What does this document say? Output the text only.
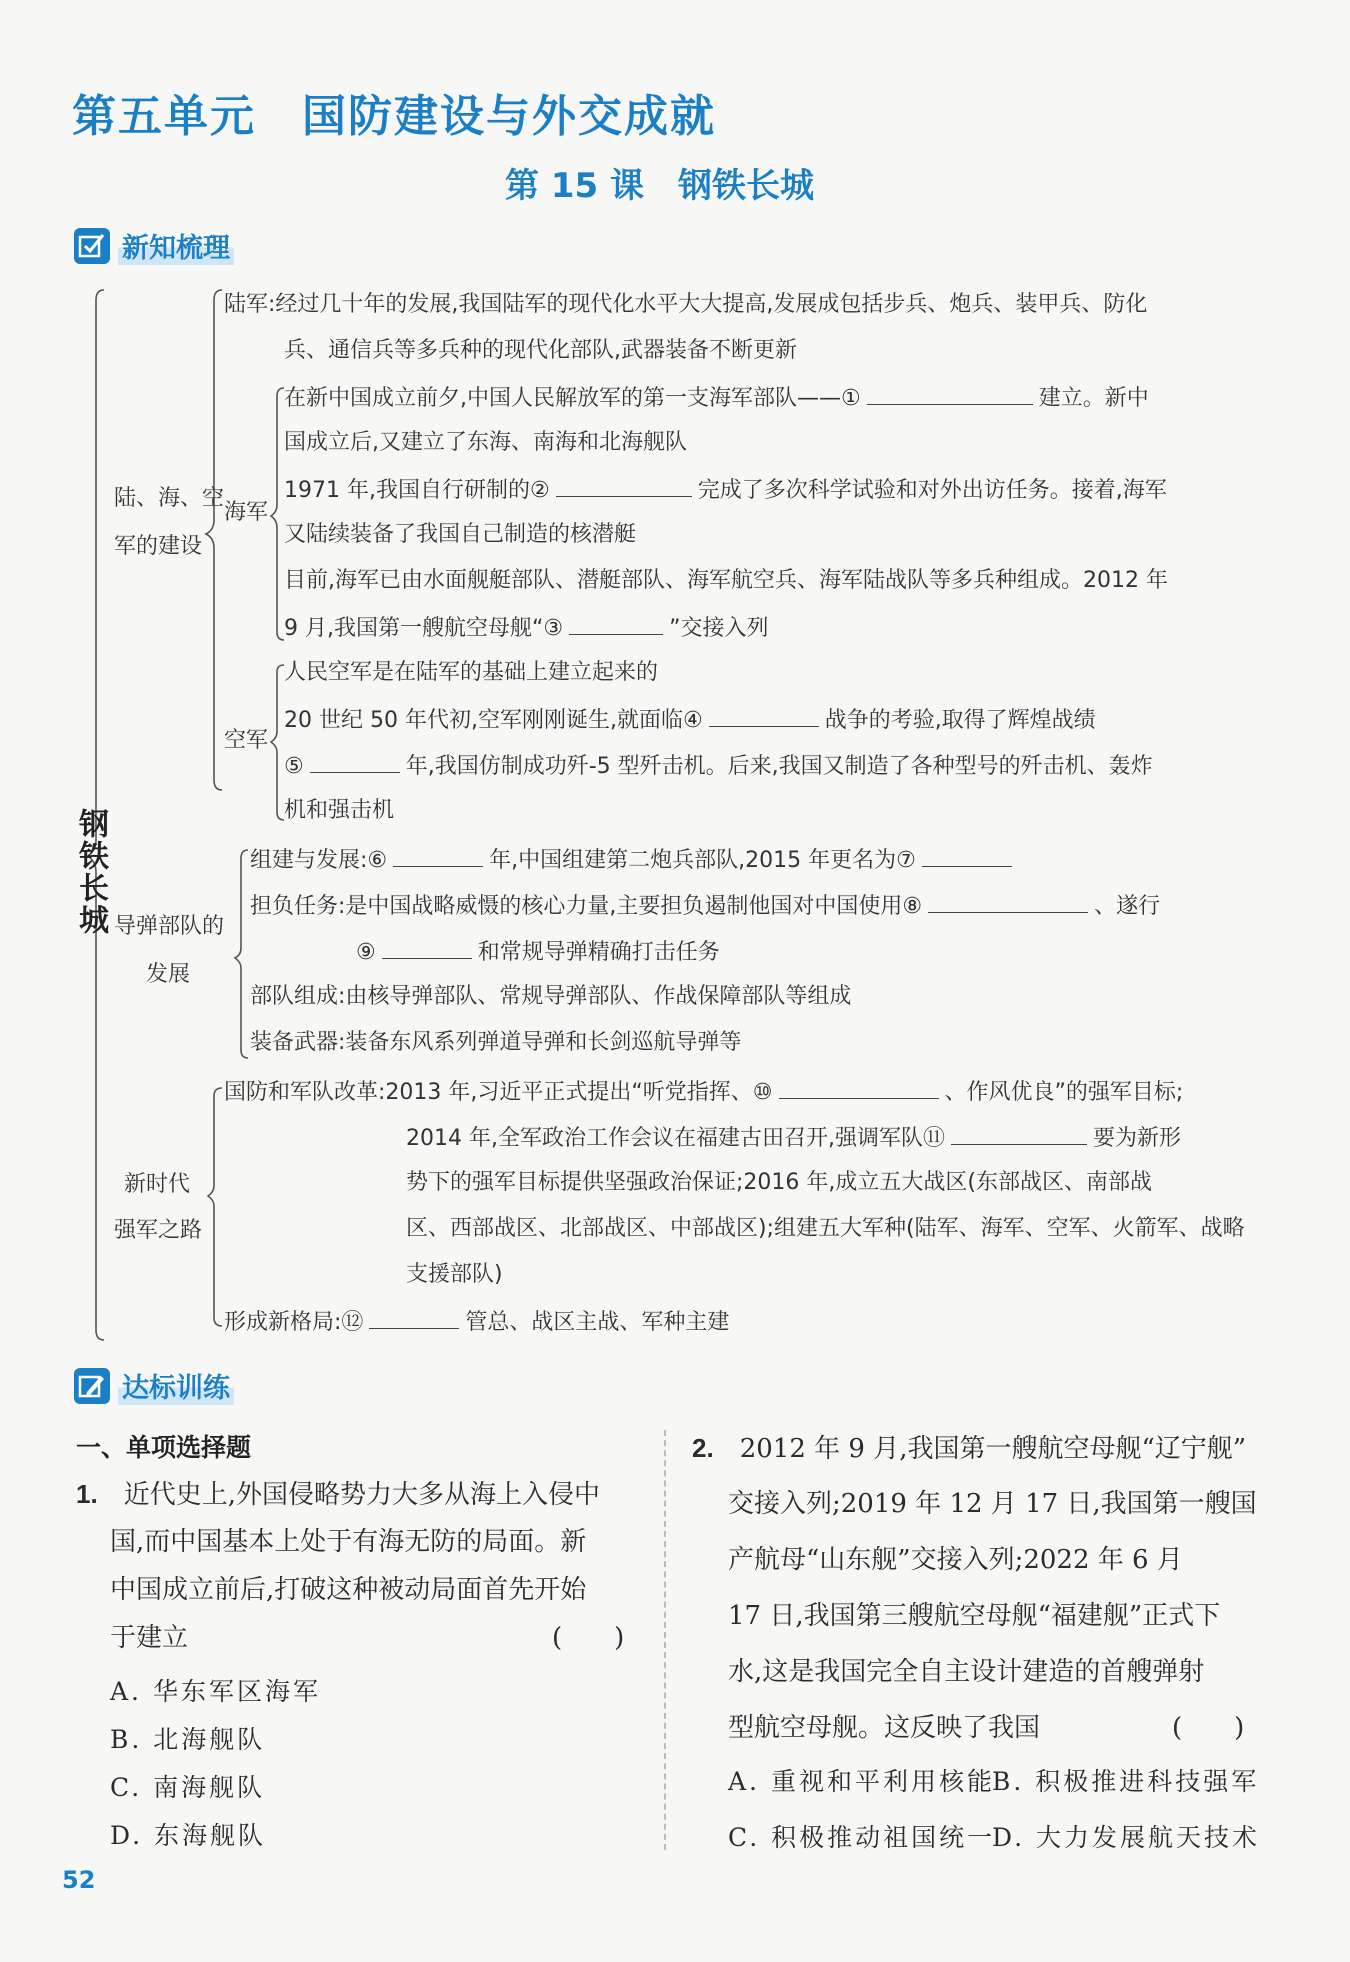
第五单元　国防建设与外交成就
第 15 课　钢铁长城
新知梳理
钢铁长城
陆、海、空
军的建设
导弹部队的
发展
新时代
强军之路
陆军:经过几十年的发展,我国陆军的现代化水平大大提高,发展成包括步兵、炮兵、装甲兵、防化
兵、通信兵等多兵种的现代化部队,武器装备不断更新
海军
在新中国成立前夕,中国人民解放军的第一支海军部队——①	建立。新中
国成立后,又建立了东海、南海和北海舰队
1971 年,我国自行研制的②	完成了多次科学试验和对外出访任务。接着,海军
又陆续装备了我国自己制造的核潜艇
目前,海军已由水面舰艇部队、潜艇部队、海军航空兵、海军陆战队等多兵种组成。2012 年
9 月,我国第一艘航空母舰“③	”交接入列
空军
人民空军是在陆军的基础上建立起来的
20 世纪 50 年代初,空军刚刚诞生,就面临④	战争的考验,取得了辉煌战绩
⑤	年,我国仿制成功歼-5 型歼击机。后来,我国又制造了各种型号的歼击机、轰炸
机和强击机
组建与发展:⑥	年,中国组建第二炮兵部队,2015 年更名为⑦
担负任务:是中国战略威慑的核心力量,主要担负遏制他国对中国使用⑧	、遂行
⑨	和常规导弹精确打击任务
部队组成:由核导弹部队、常规导弹部队、作战保障部队等组成
装备武器:装备东风系列弹道导弹和长剑巡航导弹等
国防和军队改革:2013 年,习近平正式提出“听党指挥、⑩	、作风优良”的强军目标;
2014 年,全军政治工作会议在福建古田召开,强调军队⑪	要为新形
势下的强军目标提供坚强政治保证;2016 年,成立五大战区(东部战区、南部战
区、西部战区、北部战区、中部战区);组建五大军种(陆军、海军、空军、火箭军、战略
支援部队)
形成新格局:⑫	管总、战区主战、军种主建
达标训练
一、单项选择题
1.　 近代史上,外国侵略势力大多从海上入侵中
国,而中国基本上处于有海无防的局面。新
中国成立前后,打破这种被动局面首先开始
于建立	(　　)
A. 华东军区海军
B. 北海舰队
C. 南海舰队
D. 东海舰队
2.　 2012 年 9 月,我国第一艘航空母舰“辽宁舰”
交接入列;2019 年 12 月 17 日,我国第一艘国
产航母“山东舰”交接入列;2022 年 6 月
17 日,我国第三艘航空母舰“福建舰”正式下
水,这是我国完全自主设计建造的首艘弹射
型航空母舰。这反映了我国	(　　)
A. 重视和平利用核能
B. 积极推进科技强军
C. 积极推动祖国统一
D. 大力发展航天技术
52
